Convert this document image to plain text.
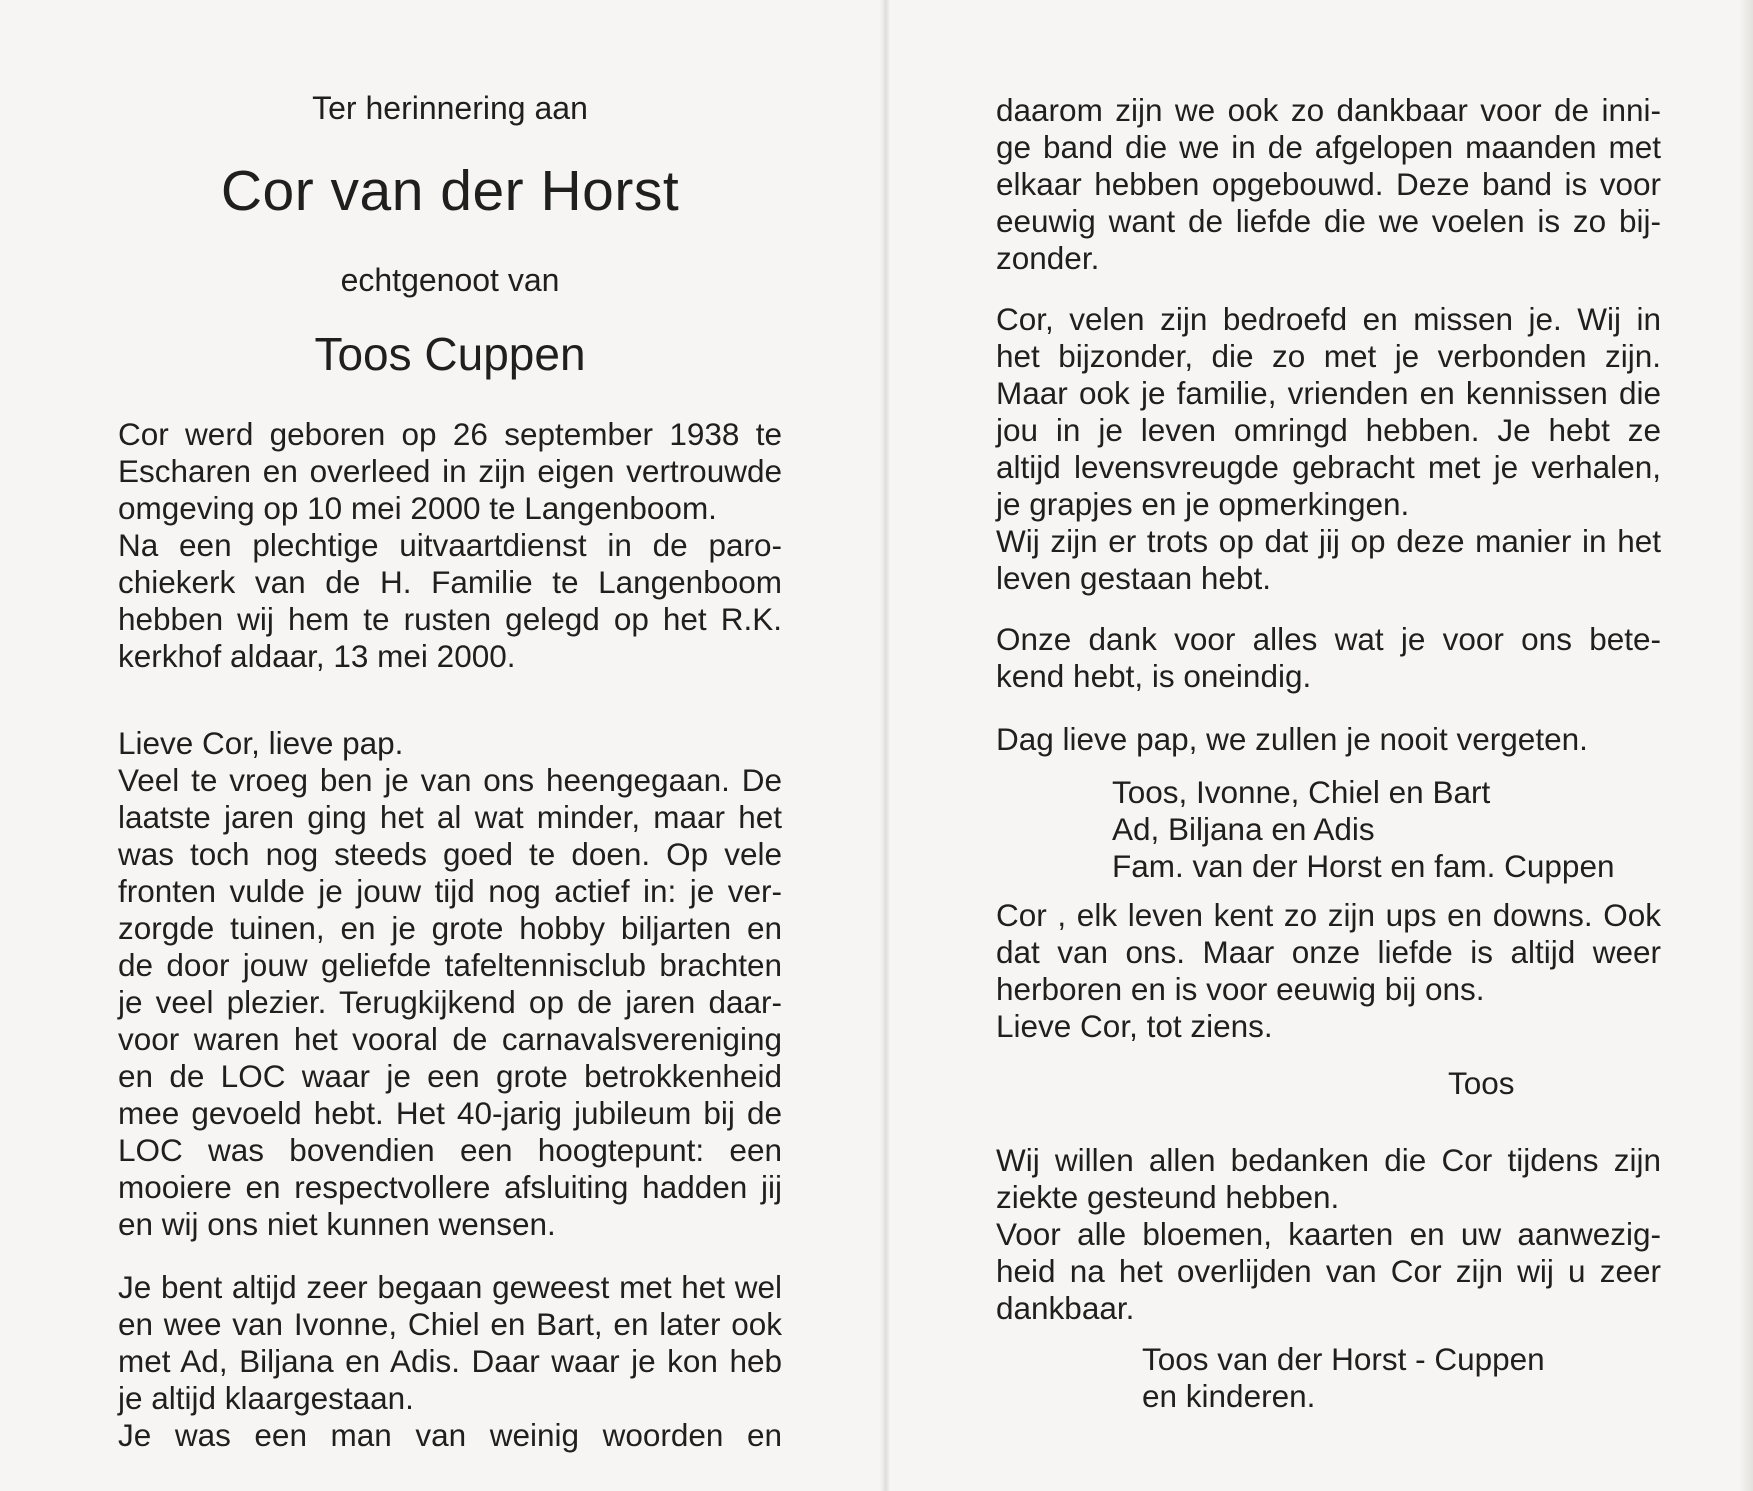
Ter herinnering aan

Cor van der Horst

echtgenoot van

Toos Cuppen
Cor werd geboren op 26 september 1938 te
Escharen en overleed in zijn eigen vertrouwde
omgeving op 10 mei 2000 te Langenboom.
Na een plechtige uitvaartdienst in de paro-
chiekerk van de H. Familie te Langenboom
hebben wij hem te rusten gelegd op het R.K.
kerkhof aldaar, 13 mei 2000.
Lieve Cor, lieve pap.
Veel te vroeg ben je van ons heengegaan. De
laatste jaren ging het al wat minder, maar het
was toch nog steeds goed te doen. Op vele
fronten vulde je jouw tijd nog actief in: je ver-
zorgde tuinen, en je grote hobby biljarten en
de door jouw geliefde tafeltennisclub brachten
je veel plezier. Terugkijkend op de jaren daar-
voor waren het vooral de carnavalsvereniging
en de LOC waar je een grote betrokkenheid
mee gevoeld hebt. Het 40-jarig jubileum bij de
LOC was bovendien een hoogtepunt: een
mooiere en respectvollere afsluiting hadden jij
en wij ons niet kunnen wensen.
Je bent altijd zeer begaan geweest met het wel
en wee van Ivonne, Chiel en Bart, en later ook
met Ad, Biljana en Adis. Daar waar je kon heb
je altijd klaargestaan.
Je was een man van weinig woorden en
daarom zijn we ook zo dankbaar voor de inni-
ge band die we in de afgelopen maanden met
elkaar hebben opgebouwd. Deze band is voor
eeuwig want de liefde die we voelen is zo bij-
zonder.
Cor, velen zijn bedroefd en missen je. Wij in
het bijzonder, die zo met je verbonden zijn.
Maar ook je familie, vrienden en kennissen die
jou in je leven omringd hebben. Je hebt ze
altijd levensvreugde gebracht met je verhalen,
je grapjes en je opmerkingen.
Wij zijn er trots op dat jij op deze manier in het
leven gestaan hebt.
Onze dank voor alles wat je voor ons bete-
kend hebt, is oneindig.
Dag lieve pap, we zullen je nooit vergeten.
Toos, Ivonne, Chiel en Bart
Ad, Biljana en Adis
Fam. van der Horst en fam. Cuppen
Cor , elk leven kent zo zijn ups en downs. Ook
dat van ons. Maar onze liefde is altijd weer
herboren en is voor eeuwig bij ons.
Lieve Cor, tot ziens.
Toos
Wij willen allen bedanken die Cor tijdens zijn
ziekte gesteund hebben.
Voor alle bloemen, kaarten en uw aanwezig-
heid na het overlijden van Cor zijn wij u zeer
dankbaar.
Toos van der Horst - Cuppen
en kinderen.
